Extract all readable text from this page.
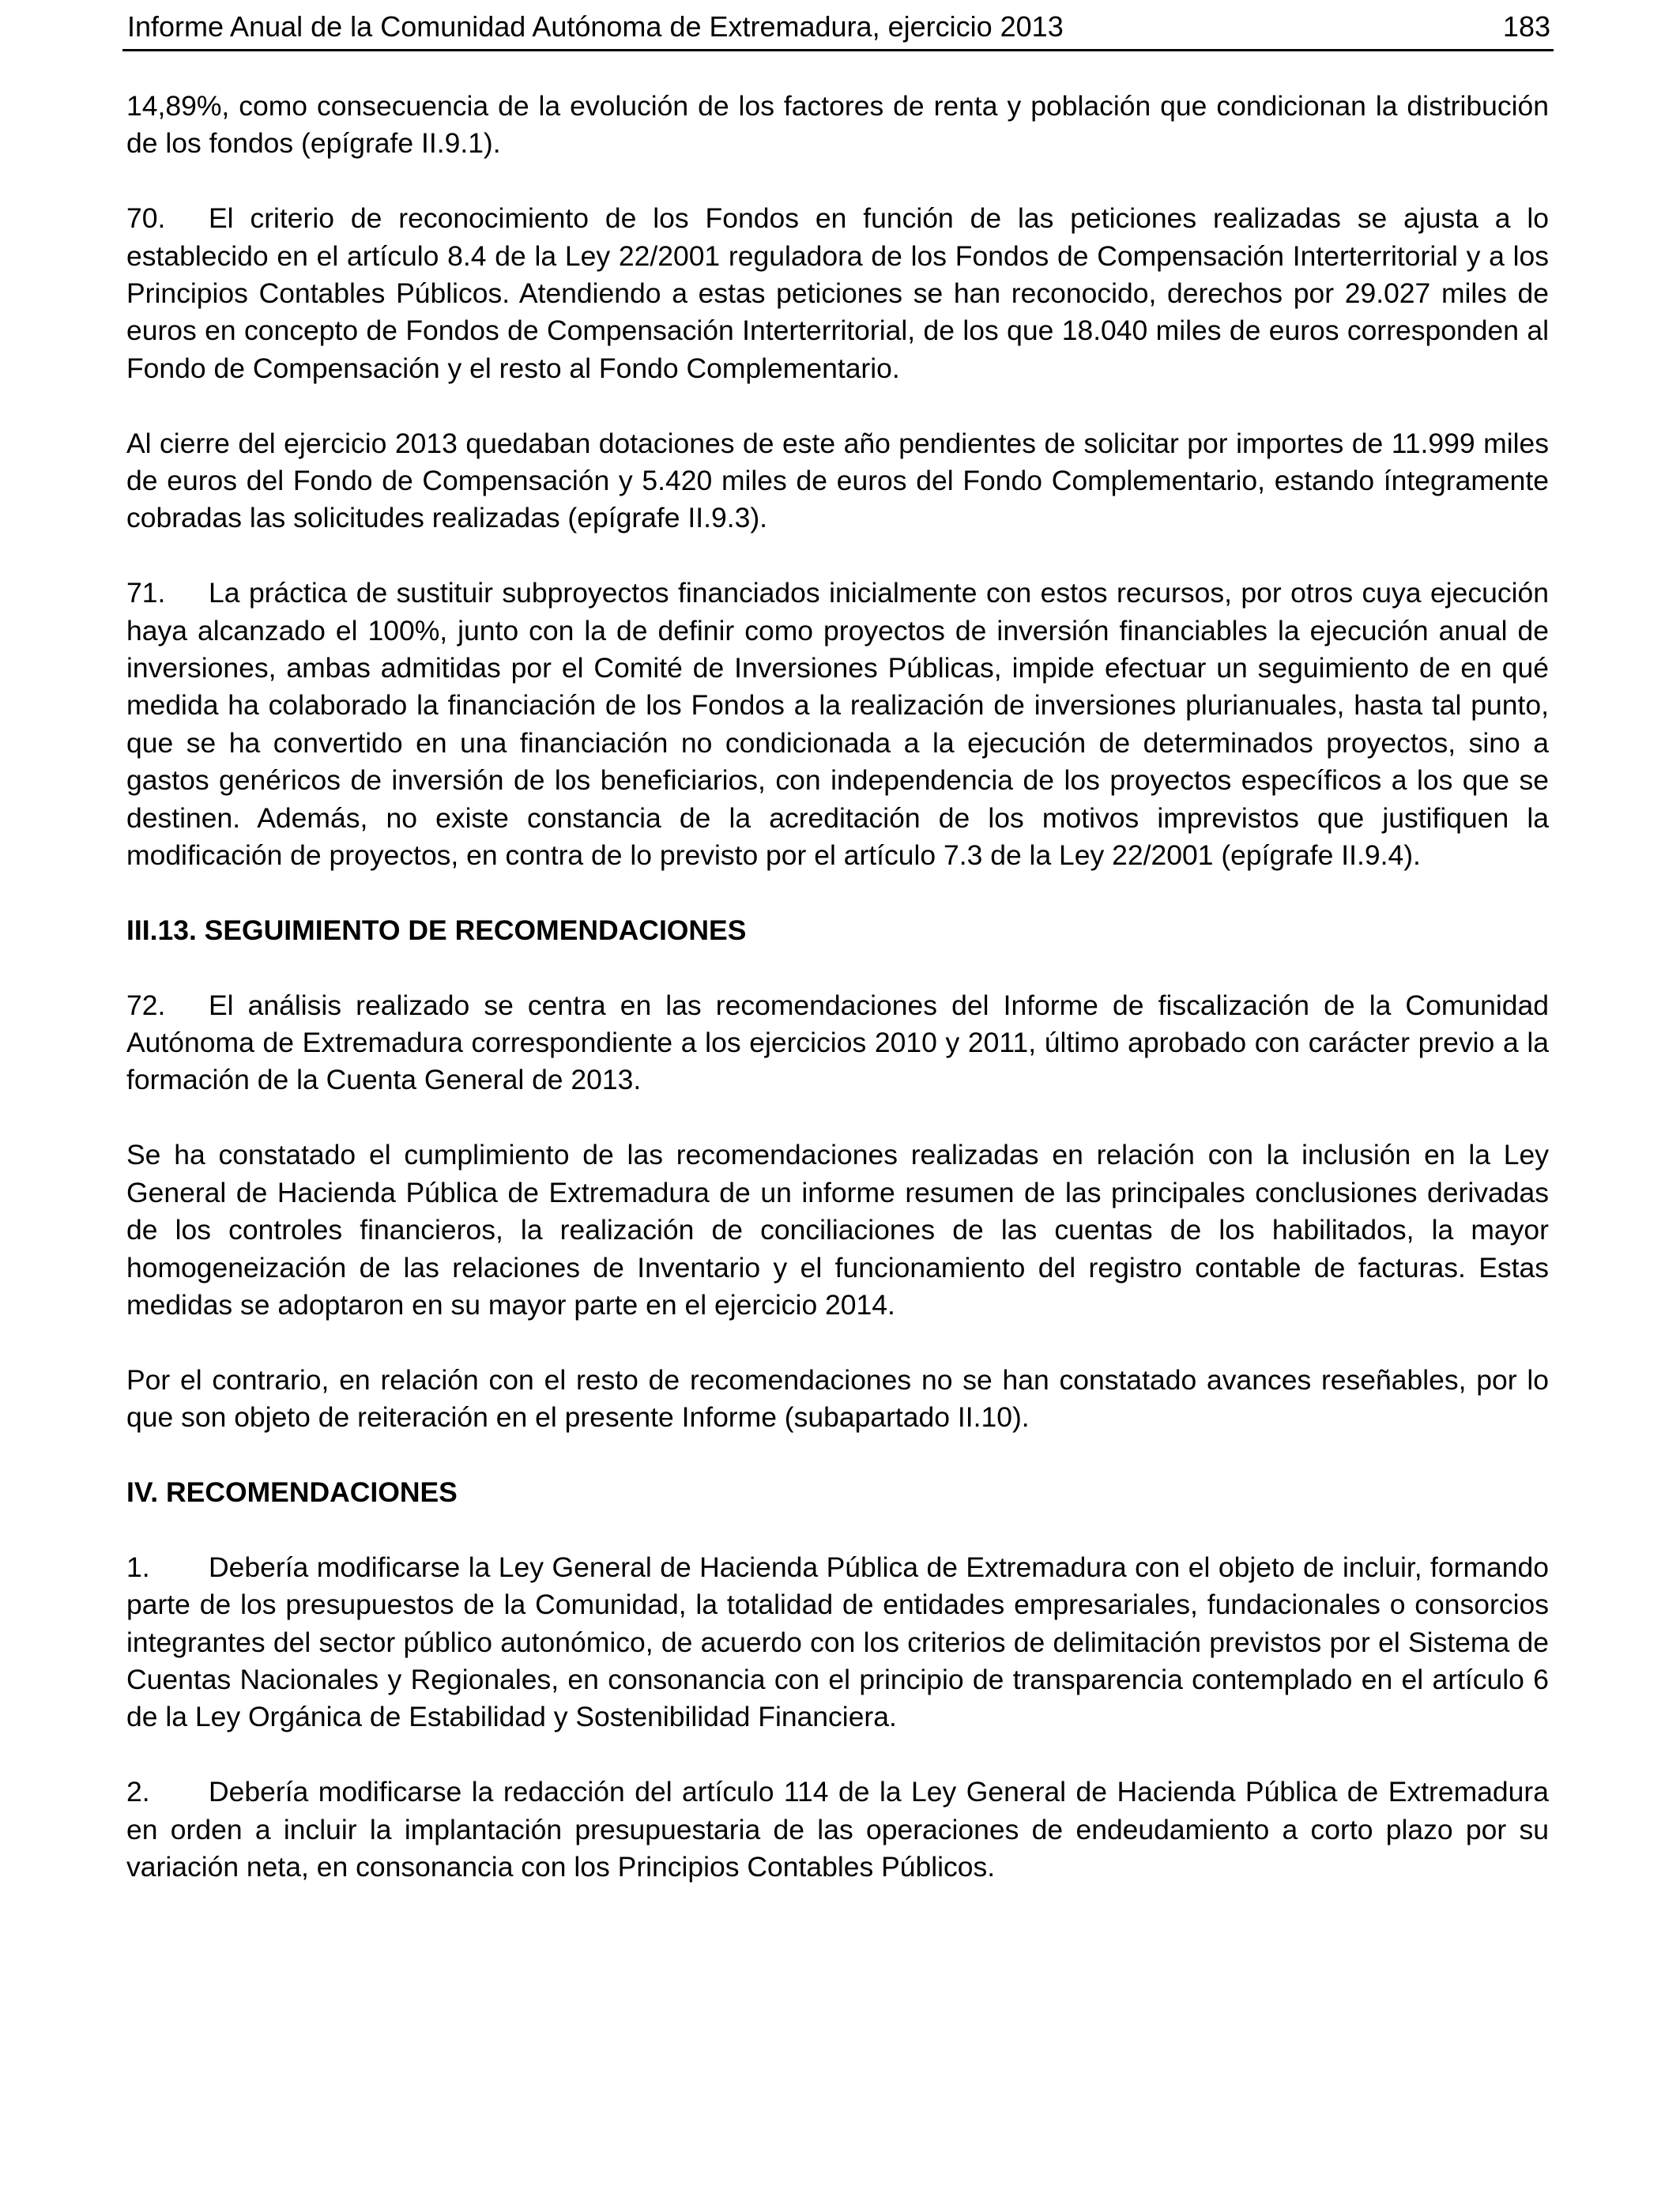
Informe Anual de la Comunidad Autónoma de Extremadura, ejercicio 2013	183

14,89%, como consecuencia de la evolución de los factores de renta y población que condicionan la distribución de los fondos (epígrafe II.9.1).

70. El criterio de reconocimiento de los Fondos en función de las peticiones realizadas se ajusta a lo establecido en el artículo 8.4 de la Ley 22/2001 reguladora de los Fondos de Compensación Interterritorial y a los Principios Contables Públicos. Atendiendo a estas peticiones se han reconocido, derechos por 29.027 miles de euros en concepto de Fondos de Compensación Interterritorial, de los que 18.040 miles de euros corresponden al Fondo de Compensación y el resto al Fondo Complementario.

Al cierre del ejercicio 2013 quedaban dotaciones de este año pendientes de solicitar por importes de 11.999 miles de euros del Fondo de Compensación y 5.420 miles de euros del Fondo Complementario, estando íntegramente cobradas las solicitudes realizadas (epígrafe II.9.3).

71. La práctica de sustituir subproyectos financiados inicialmente con estos recursos, por otros cuya ejecución haya alcanzado el 100%, junto con la de definir como proyectos de inversión financiables la ejecución anual de inversiones, ambas admitidas por el Comité de Inversiones Públicas, impide efectuar un seguimiento de en qué medida ha colaborado la financiación de los Fondos a la realización de inversiones plurianuales, hasta tal punto, que se ha convertido en una financiación no condicionada a la ejecución de determinados proyectos, sino a gastos genéricos de inversión de los beneficiarios, con independencia de los proyectos específicos a los que se destinen. Además, no existe constancia de la acreditación de los motivos imprevistos que justifiquen la modificación de proyectos, en contra de lo previsto por el artículo 7.3 de la Ley 22/2001 (epígrafe II.9.4).

III.13. SEGUIMIENTO DE RECOMENDACIONES

72. El análisis realizado se centra en las recomendaciones del Informe de fiscalización de la Comunidad Autónoma de Extremadura correspondiente a los ejercicios 2010 y 2011, último aprobado con carácter previo a la formación de la Cuenta General de 2013.

Se ha constatado el cumplimiento de las recomendaciones realizadas en relación con la inclusión en la Ley General de Hacienda Pública de Extremadura de un informe resumen de las principales conclusiones derivadas de los controles financieros, la realización de conciliaciones de las cuentas de los habilitados, la mayor homogeneización de las relaciones de Inventario y el funcionamiento del registro contable de facturas. Estas medidas se adoptaron en su mayor parte en el ejercicio 2014.

Por el contrario, en relación con el resto de recomendaciones no se han constatado avances reseñables, por lo que son objeto de reiteración en el presente Informe (subapartado II.10).

IV. RECOMENDACIONES

1. Debería modificarse la Ley General de Hacienda Pública de Extremadura con el objeto de incluir, formando parte de los presupuestos de la Comunidad, la totalidad de entidades empresariales, fundacionales o consorcios integrantes del sector público autonómico, de acuerdo con los criterios de delimitación previstos por el Sistema de Cuentas Nacionales y Regionales, en consonancia con el principio de transparencia contemplado en el artículo 6 de la Ley Orgánica de Estabilidad y Sostenibilidad Financiera.

2. Debería modificarse la redacción del artículo 114 de la Ley General de Hacienda Pública de Extremadura en orden a incluir la implantación presupuestaria de las operaciones de endeudamiento a corto plazo por su variación neta, en consonancia con los Principios Contables Públicos.
